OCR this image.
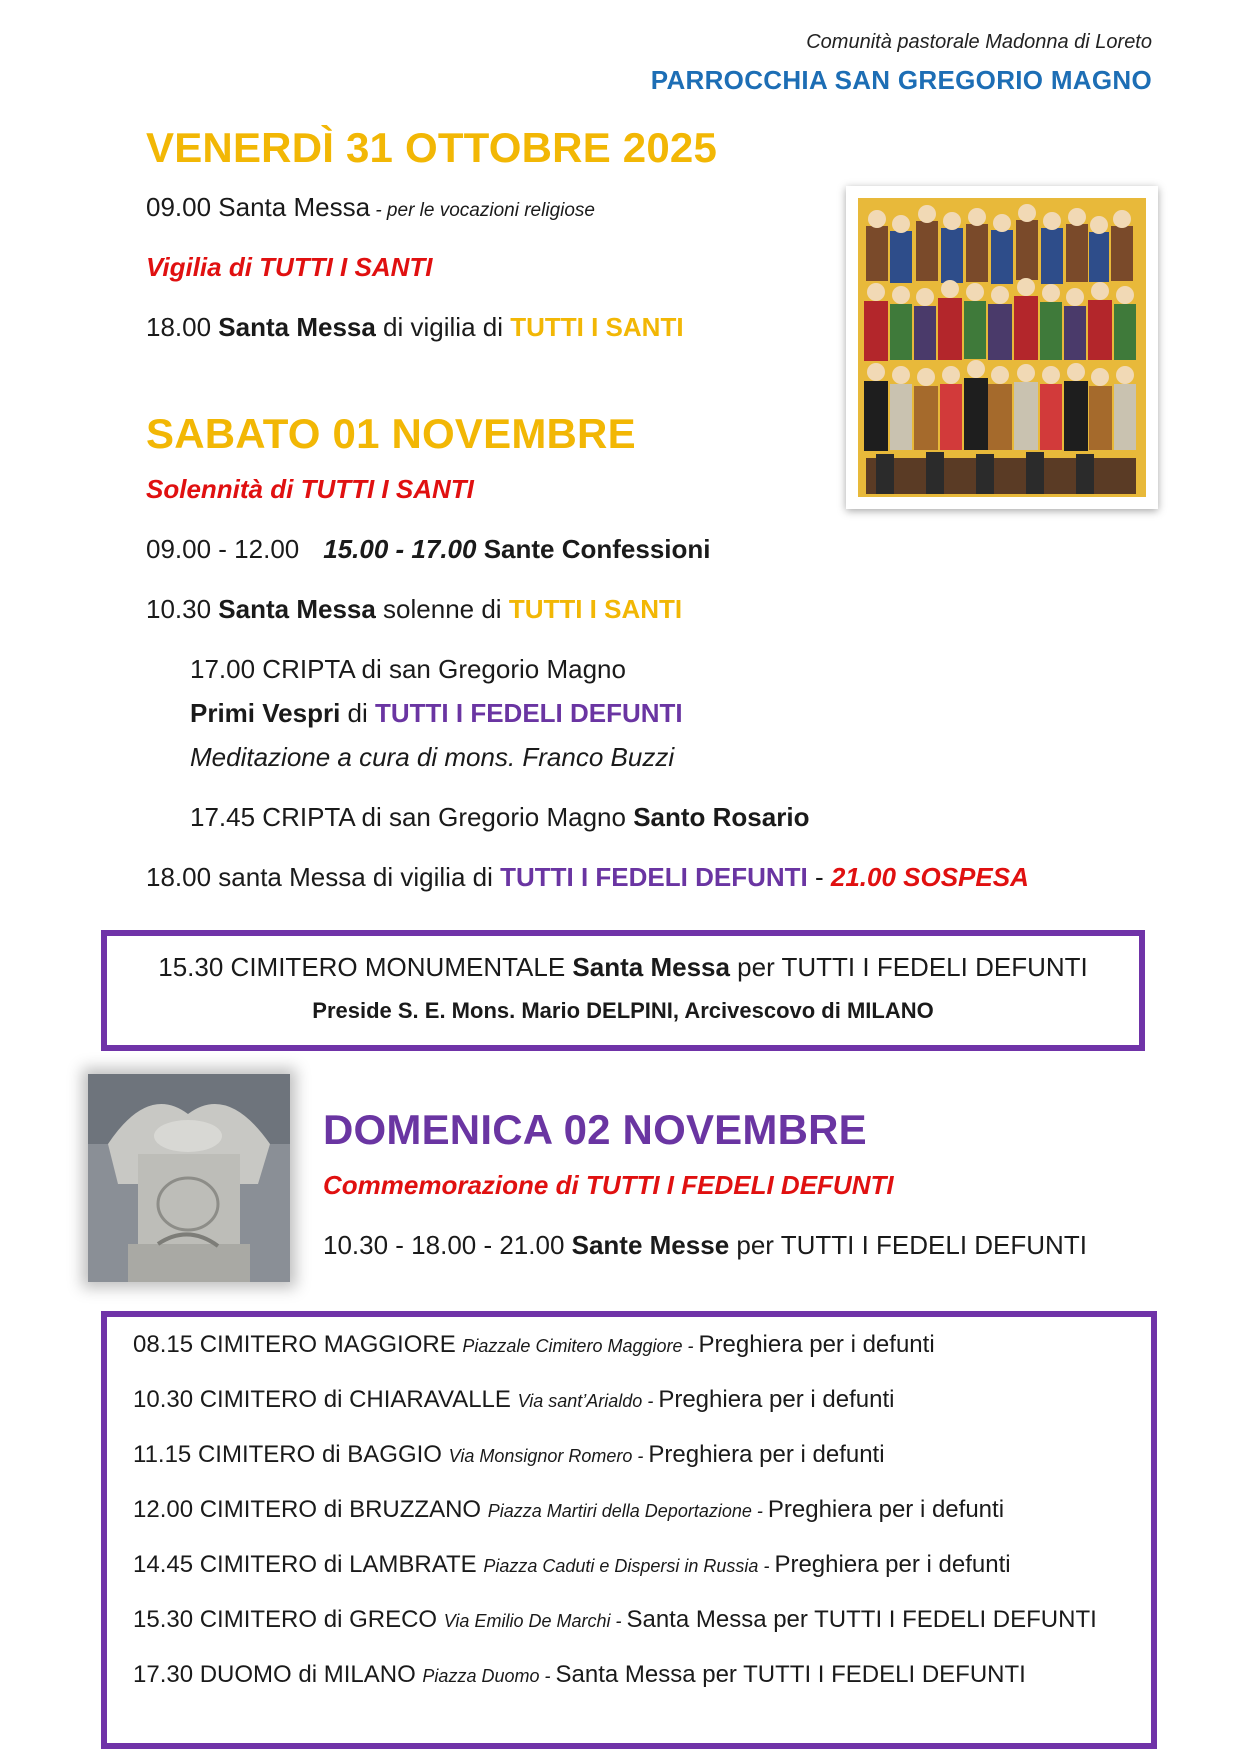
Comunità pastorale Madonna di Loreto
PARROCCHIA SAN GREGORIO MAGNO
VENERDÌ 31 OTTOBRE 2025
09.00 Santa Messa - per le vocazioni religiose
Vigilia di TUTTI I SANTI
18.00 Santa Messa di vigilia di TUTTI I SANTI
SABATO 01 NOVEMBRE
Solennità di TUTTI I SANTI
09.00 - 12.00 15.00 - 17.00 Sante Confessioni
10.30 Santa Messa solenne di TUTTI I SANTI
17.00 CRIPTA di san Gregorio Magno
Primi Vespri di TUTTI I FEDELI DEFUNTI
Meditazione a cura di mons. Franco Buzzi
17.45 CRIPTA di san Gregorio Magno Santo Rosario
18.00 santa Messa di vigilia di TUTTI I FEDELI DEFUNTI - 21.00 SOSPESA
15.30 CIMITERO MONUMENTALE Santa Messa per TUTTI I FEDELI DEFUNTI
Preside S. E. Mons. Mario DELPINI, Arcivescovo di MILANO
DOMENICA 02 NOVEMBRE
Commemorazione di TUTTI I FEDELI DEFUNTI
10.30 - 18.00 - 21.00 Sante Messe per TUTTI I FEDELI DEFUNTI
08.15 CIMITERO MAGGIORE Piazzale Cimitero Maggiore - Preghiera per i defunti
10.30 CIMITERO di CHIARAVALLE Via sant’Arialdo - Preghiera per i defunti
11.15 CIMITERO di BAGGIO Via Monsignor Romero - Preghiera per i defunti
12.00 CIMITERO di BRUZZANO Piazza Martiri della Deportazione - Preghiera per i defunti
14.45 CIMITERO di LAMBRATE Piazza Caduti e Dispersi in Russia - Preghiera per i defunti
15.30 CIMITERO di GRECO Via Emilio De Marchi - Santa Messa per TUTTI I FEDELI DEFUNTI
17.30 DUOMO di MILANO Piazza Duomo - Santa Messa per TUTTI I FEDELI DEFUNTI
